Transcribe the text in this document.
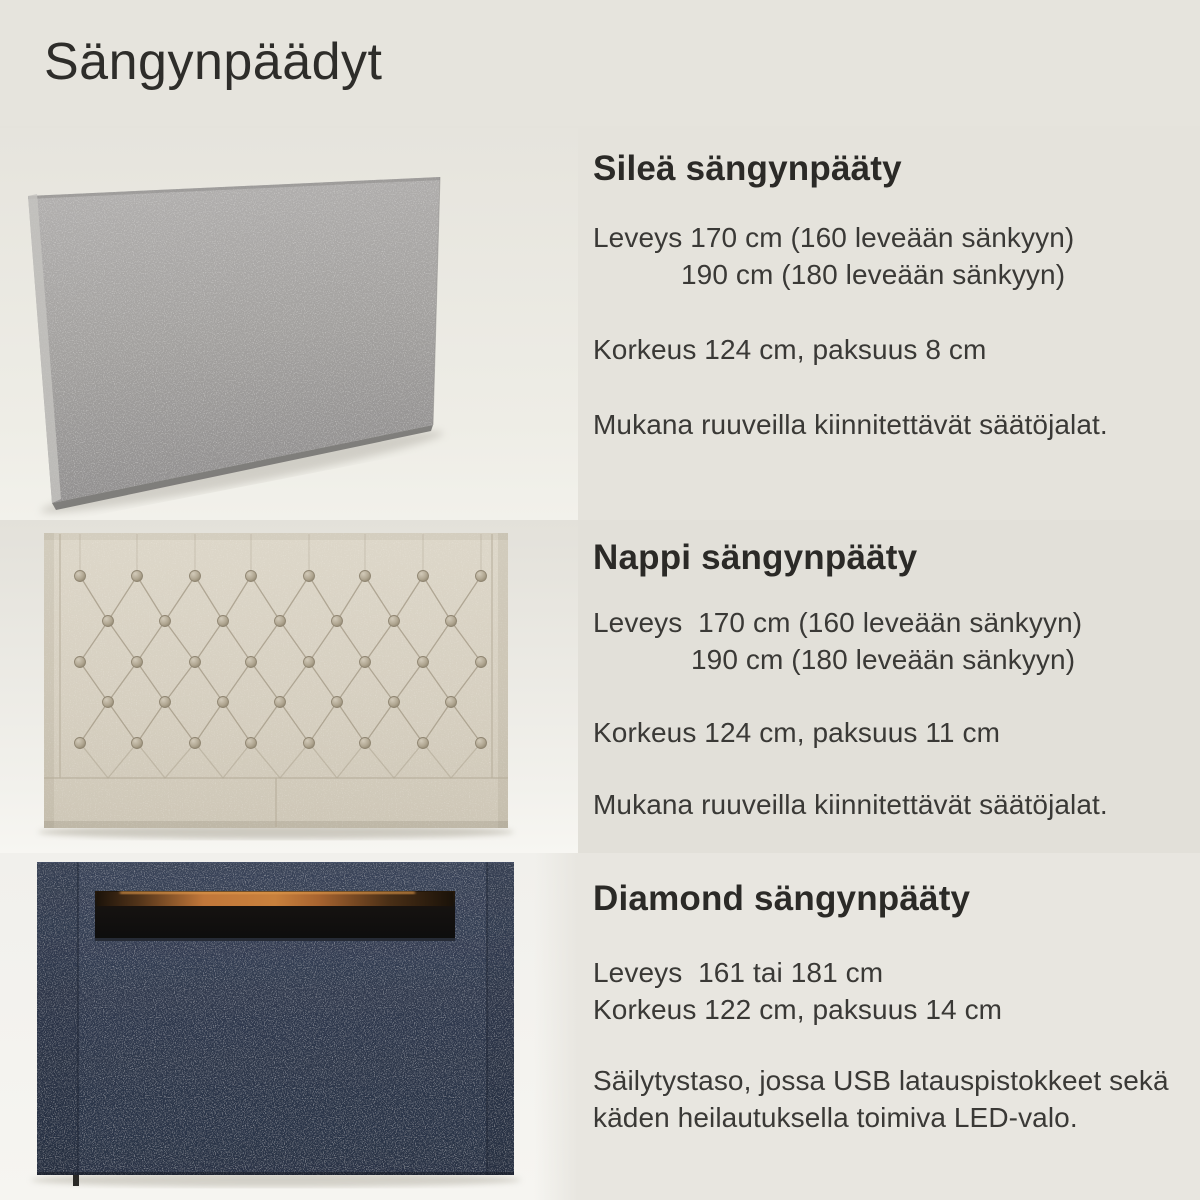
Sängynpäädyt
Sileä sängynpääty
Leveys 170 cm (160 leveään sänkyyn)
190 cm (180 leveään sänkyyn)
Korkeus 124 cm, paksuus 8 cm
Mukana ruuveilla kiinnitettävät säätöjalat.
Nappi sängynpääty
Leveys  170 cm (160 leveään sänkyyn)
190 cm (180 leveään sänkyyn)
Korkeus 124 cm, paksuus 11 cm
Mukana ruuveilla kiinnitettävät säätöjalat.
Diamond sängynpääty
Leveys  161 tai 181 cm
Korkeus 122 cm, paksuus 14 cm
Säilytystaso, jossa USB latauspistokkeet sekä
käden heilautuksella toimiva LED-valo.
